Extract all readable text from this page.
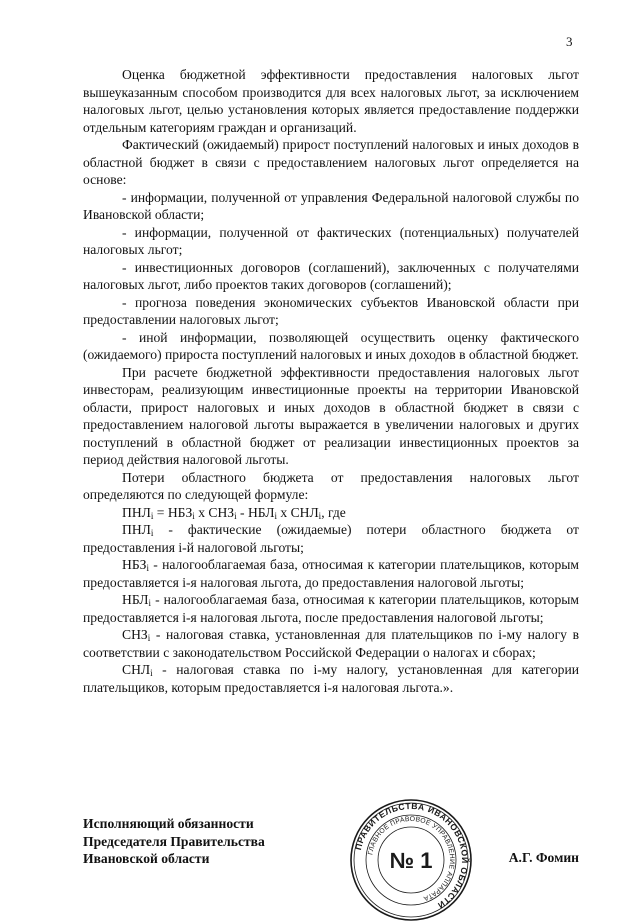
3

Оценка бюджетной эффективности предоставления налоговых льгот вышеуказанным способом производится для всех налоговых льгот, за исключением налоговых льгот, целью установления которых является предоставление поддержки отдельным категориям граждан и организаций.

Фактический (ожидаемый) прирост поступлений налоговых и иных доходов в областной бюджет в связи с предоставлением налоговых льгот определяется на основе:

- информации, полученной от управления Федеральной налоговой службы по Ивановской области;

- информации, полученной от фактических (потенциальных) получателей налоговых льгот;

- инвестиционных договоров (соглашений), заключенных с получателями налоговых льгот, либо проектов таких договоров (соглашений);

- прогноза поведения экономических субъектов Ивановской области при предоставлении налоговых льгот;

- иной информации, позволяющей осуществить оценку фактического (ожидаемого) прироста поступлений налоговых и иных доходов в областной бюджет.

При расчете бюджетной эффективности предоставления налоговых льгот инвесторам, реализующим инвестиционные проекты на территории Ивановской области, прирост налоговых и иных доходов в областной бюджет в связи с предоставлением налоговой льготы выражается в увеличении налоговых и других поступлений в областной бюджет от реализации инвестиционных проектов за период действия налоговой льготы.

Потери областного бюджета от предоставления налоговых льгот определяются по следующей формуле:

$ПНЛ_i = НБЗ_i$ х $СНЗ_i - НБЛ_i$ х $СНЛ_i$, где

$ПНЛ_i$ - фактические (ожидаемые) потери областного бюджета от предоставления i-й налоговой льготы;

$НБЗ_i$ - налогооблагаемая база, относимая к категории плательщиков, которым предоставляется i-я налоговая льгота, до предоставления налоговой льготы;

$НБЛ_i$ - налогооблагаемая база, относимая к категории плательщиков, которым предоставляется i-я налоговая льгота, после предоставления налоговой льготы;

$СНЗ_i$ - налоговая ставка, установленная для плательщиков по i-му налогу в соответствии с законодательством Российской Федерации о налогах и сборах;

$СНЛ_i$ - налоговая ставка по i-му налогу, установленная для категории плательщиков, которым предоставляется i-я налоговая льгота.».

Исполняющий обязанности
Председателя Правительства
Ивановской области
ПРАВИТЕЛЬСТВА ИВАНОВСКОЙ ОБЛАСТИ
ГЛАВНОЕ ПРАВОВОЕ УПРАВЛЕНИЕ АППАРАТА
№ 1	А.Г. Фомин
